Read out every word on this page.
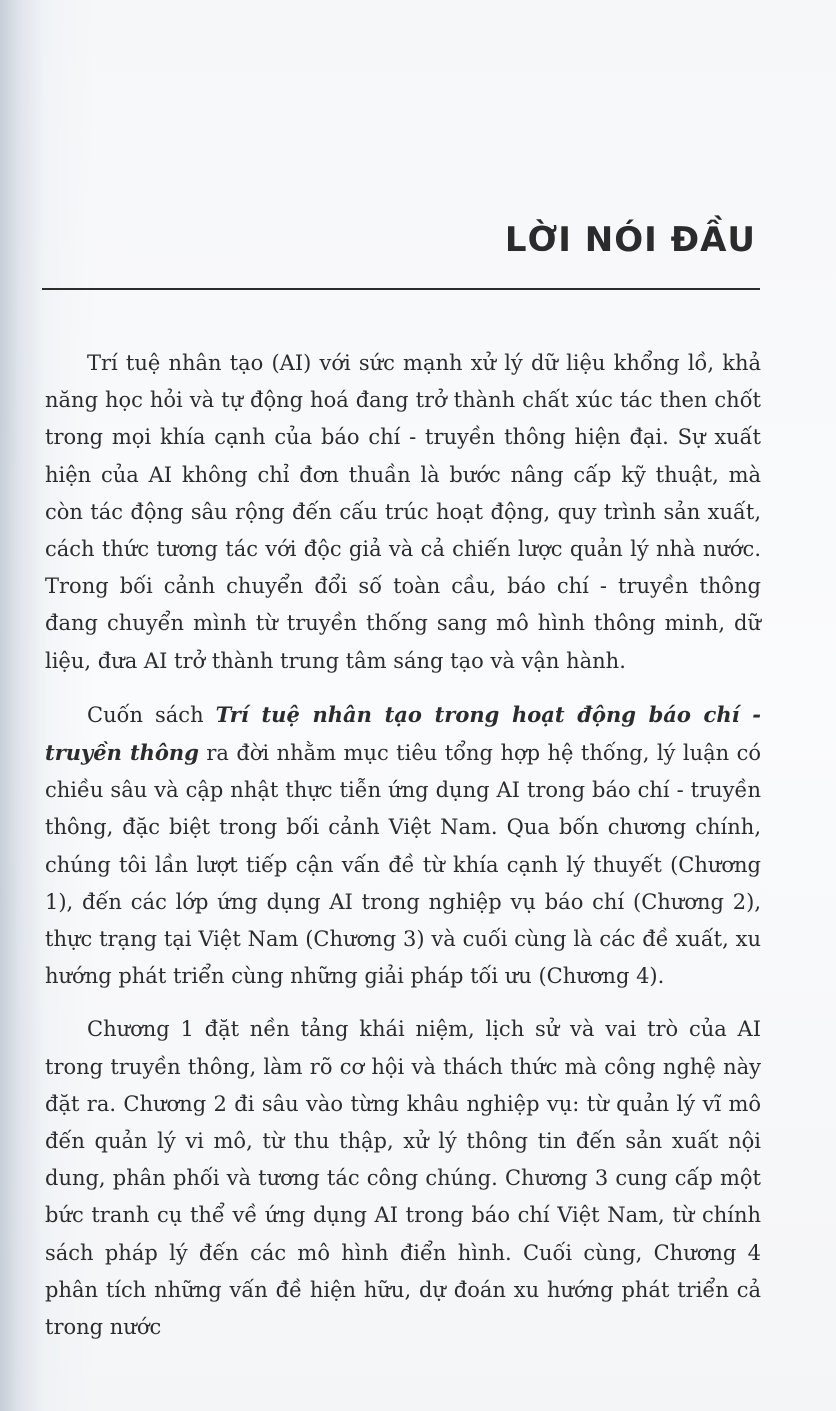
LỜI NÓI ĐẦU

Trí tuệ nhân tạo (AI) với sức mạnh xử lý dữ liệu khổng lồ, khả năng học hỏi và tự động hoá đang trở thành chất xúc tác then chốt trong mọi khía cạnh của báo chí - truyền thông hiện đại. Sự xuất hiện của AI không chỉ đơn thuần là bước nâng cấp kỹ thuật, mà còn tác động sâu rộng đến cấu trúc hoạt động, quy trình sản xuất, cách thức tương tác với độc giả và cả chiến lược quản lý nhà nước. Trong bối cảnh chuyển đổi số toàn cầu, báo chí - truyền thông đang chuyển mình từ truyền thống sang mô hình thông minh, dữ liệu, đưa AI trở thành trung tâm sáng tạo và vận hành.

Cuốn sách Trí tuệ nhân tạo trong hoạt động báo chí - truyền thông ra đời nhằm mục tiêu tổng hợp hệ thống, lý luận có chiều sâu và cập nhật thực tiễn ứng dụng AI trong báo chí - truyền thông, đặc biệt trong bối cảnh Việt Nam. Qua bốn chương chính, chúng tôi lần lượt tiếp cận vấn đề từ khía cạnh lý thuyết (Chương 1), đến các lớp ứng dụng AI trong nghiệp vụ báo chí (Chương 2), thực trạng tại Việt Nam (Chương 3) và cuối cùng là các đề xuất, xu hướng phát triển cùng những giải pháp tối ưu (Chương 4).

Chương 1 đặt nền tảng khái niệm, lịch sử và vai trò của AI trong truyền thông, làm rõ cơ hội và thách thức mà công nghệ này đặt ra. Chương 2 đi sâu vào từng khâu nghiệp vụ: từ quản lý vĩ mô đến quản lý vi mô, từ thu thập, xử lý thông tin đến sản xuất nội dung, phân phối và tương tác công chúng. Chương 3 cung cấp một bức tranh cụ thể về ứng dụng AI trong báo chí Việt Nam, từ chính sách pháp lý đến các mô hình điển hình. Cuối cùng, Chương 4 phân tích những vấn đề hiện hữu, dự đoán xu hướng phát triển cả trong nước
